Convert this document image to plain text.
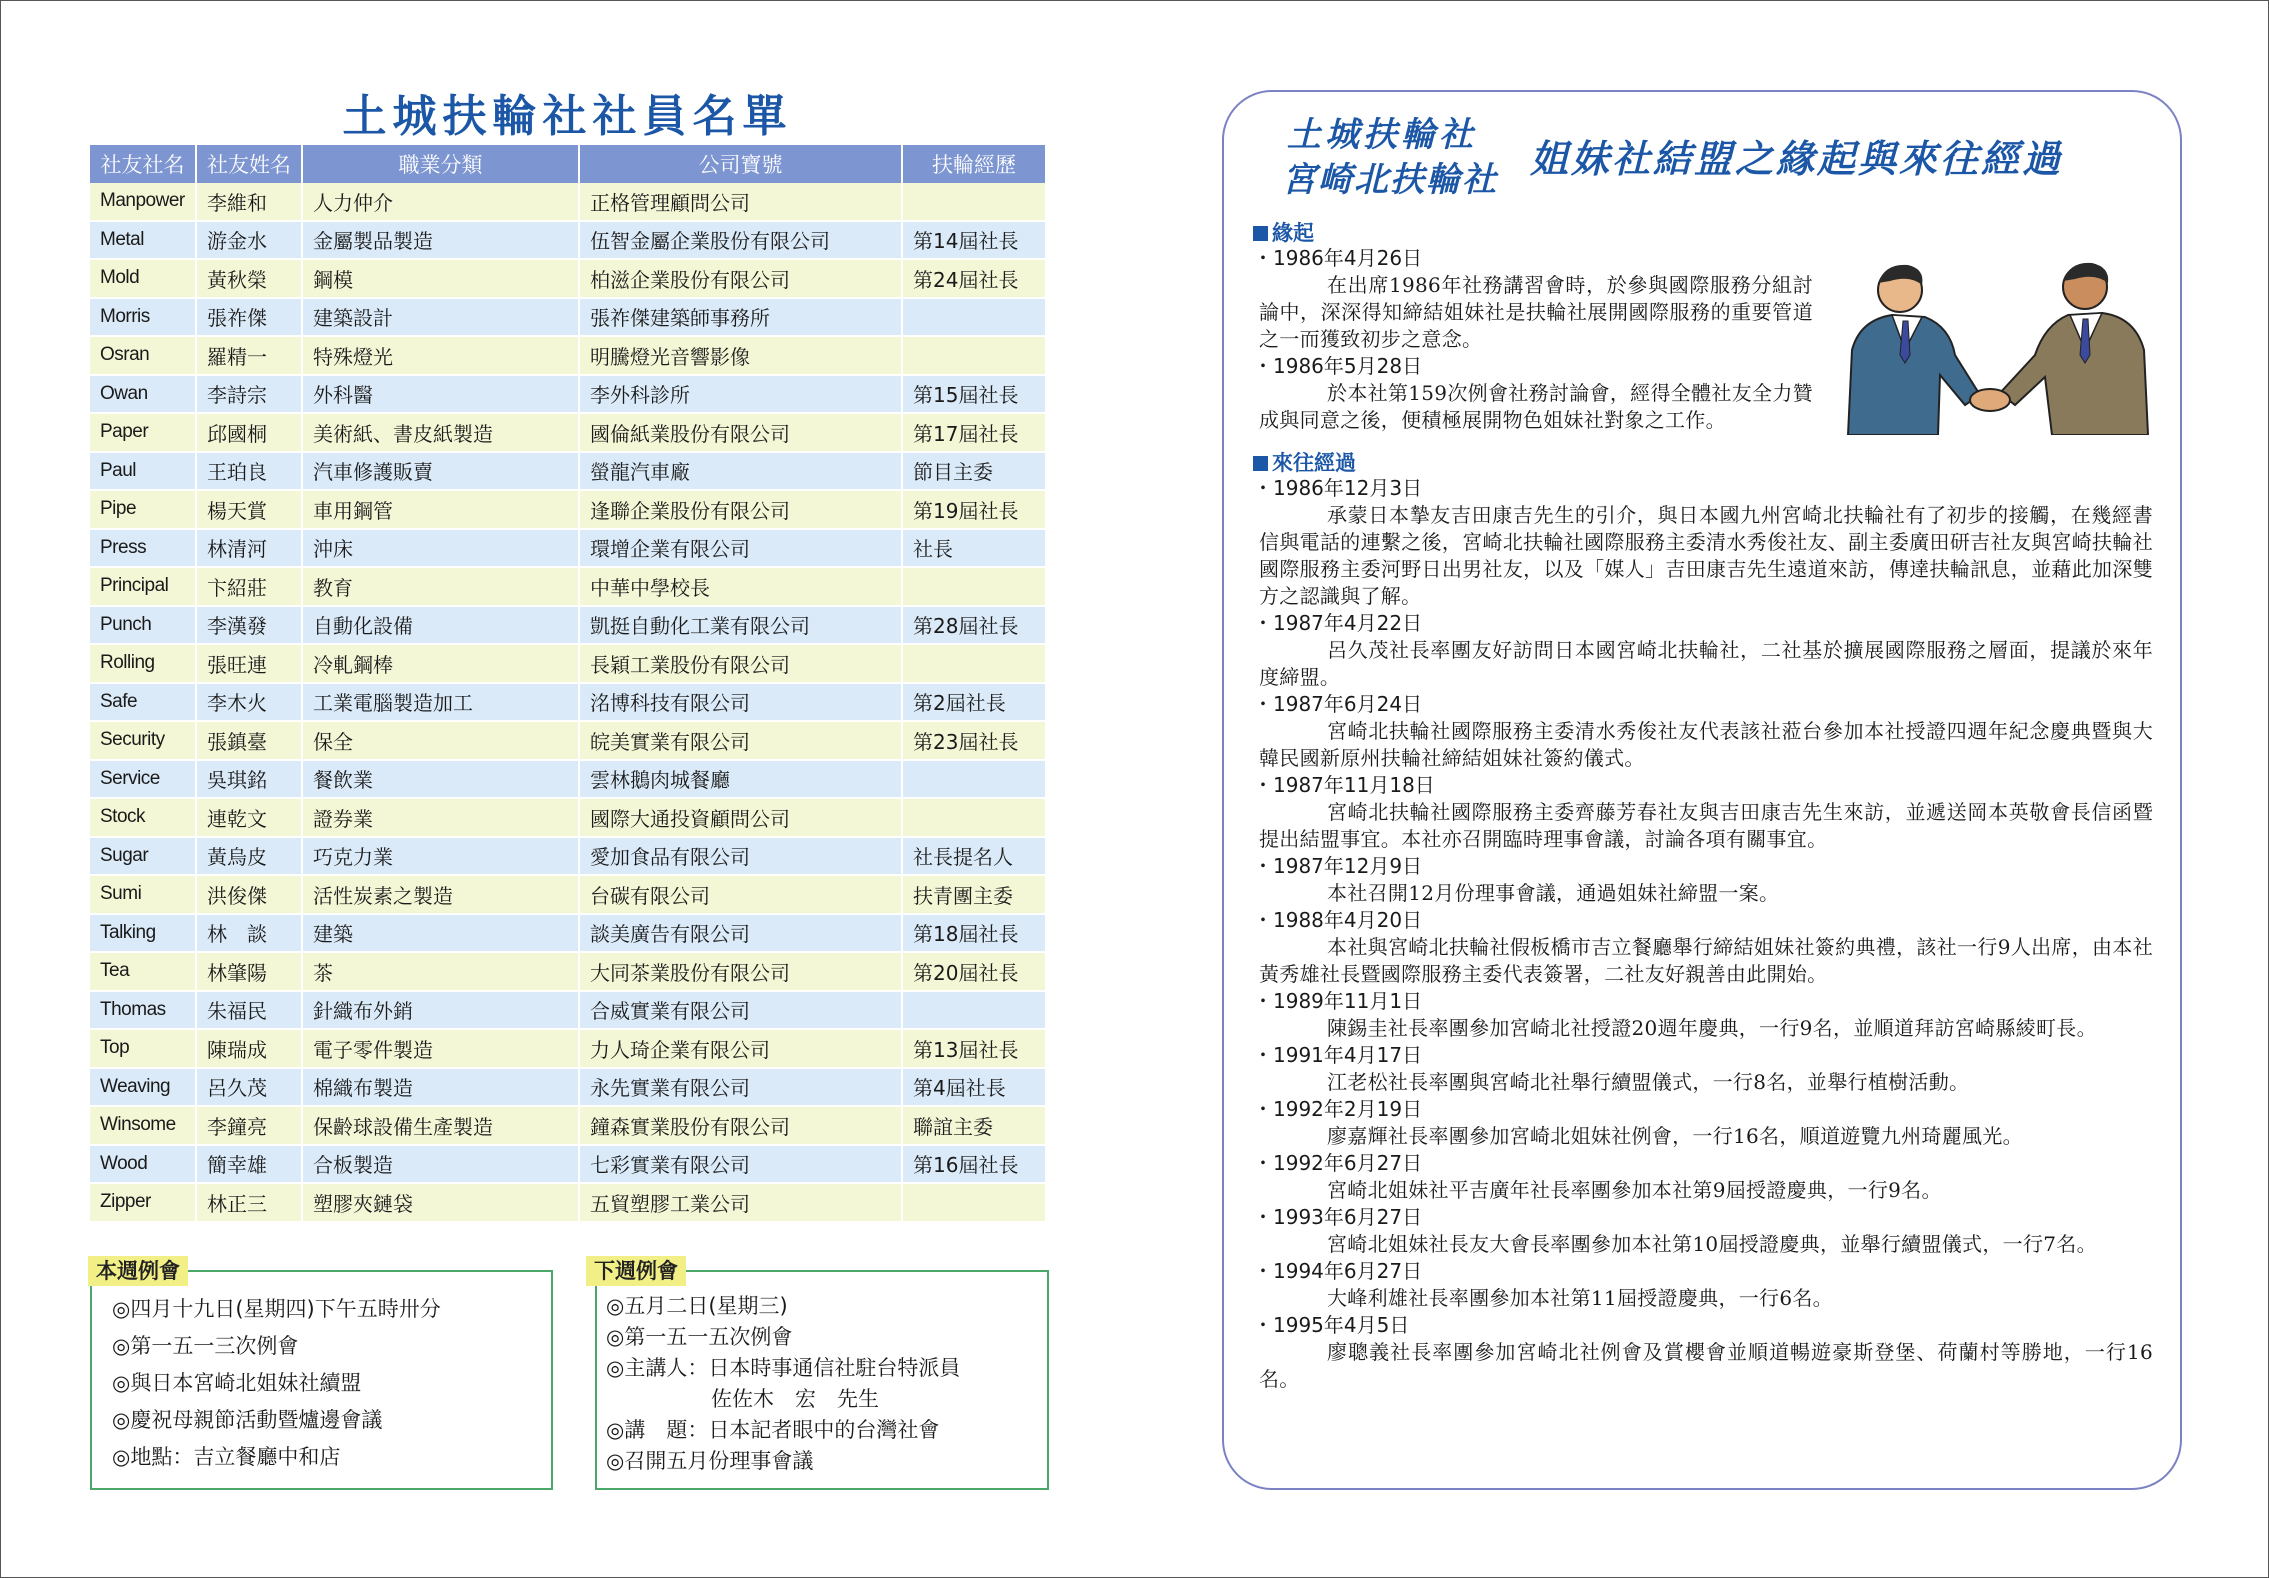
土城扶輪社社員名單
社友社名	社友姓名	職業分類	公司寶號	扶輪經歷
Manpower	李維和	人力仲介	正格管理顧問公司	
Metal	游金水	金屬製品製造	伍智金屬企業股份有限公司	第14屆社長
Mold	黃秋榮	鋼模	柏滋企業股份有限公司	第24屆社長
Morris	張祚傑	建築設計	張祚傑建築師事務所	
Osran	羅精一	特殊燈光	明騰燈光音響影像	
Owan	李詩宗	外科醫	李外科診所	第15屆社長
Paper	邱國桐	美術紙、書皮紙製造	國倫紙業股份有限公司	第17屆社長
Paul	王珀良	汽車修護販賣	螢龍汽車廠	節目主委
Pipe	楊天賞	車用鋼管	逢聯企業股份有限公司	第19屆社長
Press	林清河	沖床	環增企業有限公司	社長
Principal	卞紹莊	教育	中華中學校長	
Punch	李漢發	自動化設備	凱挺自動化工業有限公司	第28屆社長
Rolling	張旺連	冷軋鋼棒	長穎工業股份有限公司	
Safe	李木火	工業電腦製造加工	洺博科技有限公司	第2屆社長
Security	張鎮臺	保全	皖美實業有限公司	第23屆社長
Service	吳琪銘	餐飲業	雲林鵝肉城餐廳	
Stock	連乾文	證券業	國際大通投資顧問公司	
Sugar	黃烏皮	巧克力業	愛加食品有限公司	社長提名人
Sumi	洪俊傑	活性炭素之製造	台碳有限公司	扶青團主委
Talking	林　談	建築	談美廣告有限公司	第18屆社長
Tea	林肇陽	茶	大同茶業股份有限公司	第20屆社長
Thomas	朱福民	針織布外銷	合威實業有限公司	
Top	陳瑞成	電子零件製造	力人琦企業有限公司	第13屆社長
Weaving	呂久茂	棉織布製造	永先實業有限公司	第4屆社長
Winsome	李鐘亮	保齡球設備生產製造	鐘森實業股份有限公司	聯誼主委
Wood	簡幸雄	合板製造	七彩實業有限公司	第16屆社長
Zipper	林正三	塑膠夾鏈袋	五貿塑膠工業公司	
本週例會
◎四月十九日(星期四)下午五時卅分
◎第一五一三次例會
◎與日本宮崎北姐妹社續盟
◎慶祝母親節活動暨爐邊會議
◎地點：吉立餐廳中和店
下週例會
◎五月二日(星期三)
◎第一五一五次例會
◎主講人：日本時事通信社駐台特派員
　　　　　佐佐木　宏　先生
◎講　題：日本記者眼中的台灣社會
◎召開五月份理事會議
土城扶輪社
宮崎北扶輪社 姐妹社結盟之緣起與來往經過
緣起
・1986年4月26日
在出席1986年社務講習會時，於參與國際服務分組討論中，深深得知締結姐妹社是扶輪社展開國際服務的重要管道之一而獲致初步之意念。
・1986年5月28日
於本社第159次例會社務討論會，經得全體社友全力贊成與同意之後，便積極展開物色姐妹社對象之工作。
來往經過
・1986年12月3日
承蒙日本摯友吉田康吉先生的引介，與日本國九州宮崎北扶輪社有了初步的接觸，在幾經書信與電話的連繫之後，宮崎北扶輪社國際服務主委清水秀俊社友、副主委廣田研吉社友與宮崎扶輪社國際服務主委河野日出男社友，以及「媒人」吉田康吉先生遠道來訪，傳達扶輪訊息，並藉此加深雙方之認識與了解。
・1987年4月22日
呂久茂社長率團友好訪問日本國宮崎北扶輪社，二社基於擴展國際服務之層面，提議於來年度締盟。
・1987年6月24日
宮崎北扶輪社國際服務主委清水秀俊社友代表該社蒞台參加本社授證四週年紀念慶典暨與大韓民國新原州扶輪社締結姐妹社簽約儀式。
・1987年11月18日
宮崎北扶輪社國際服務主委齊藤芳春社友與吉田康吉先生來訪，並遞送岡本英敬會長信函暨提出結盟事宜。本社亦召開臨時理事會議，討論各項有關事宜。
・1987年12月9日
本社召開12月份理事會議，通過姐妹社締盟一案。
・1988年4月20日
本社與宮崎北扶輪社假板橋市吉立餐廳舉行締結姐妹社簽約典禮，該社一行9人出席，由本社黃秀雄社長暨國際服務主委代表簽署，二社友好親善由此開始。
・1989年11月1日
陳錫圭社長率團參加宮崎北社授證20週年慶典，一行9名，並順道拜訪宮崎縣綾町長。
・1991年4月17日
江老松社長率團與宮崎北社舉行續盟儀式，一行8名，並舉行植樹活動。
・1992年2月19日
廖嘉輝社長率團參加宮崎北姐妹社例會，一行16名，順道遊覽九州琦麗風光。
・1992年6月27日
宮崎北姐妹社平吉廣年社長率團參加本社第9屆授證慶典，一行9名。
・1993年6月27日
宮崎北姐妹社長友大會長率團參加本社第10屆授證慶典，並舉行續盟儀式，一行7名。
・1994年6月27日
大峰利雄社長率團參加本社第11屆授證慶典，一行6名。
・1995年4月5日
廖聰義社長率團參加宮崎北社例會及賞櫻會並順道暢遊豪斯登堡、荷蘭村等勝地，一行16名。
